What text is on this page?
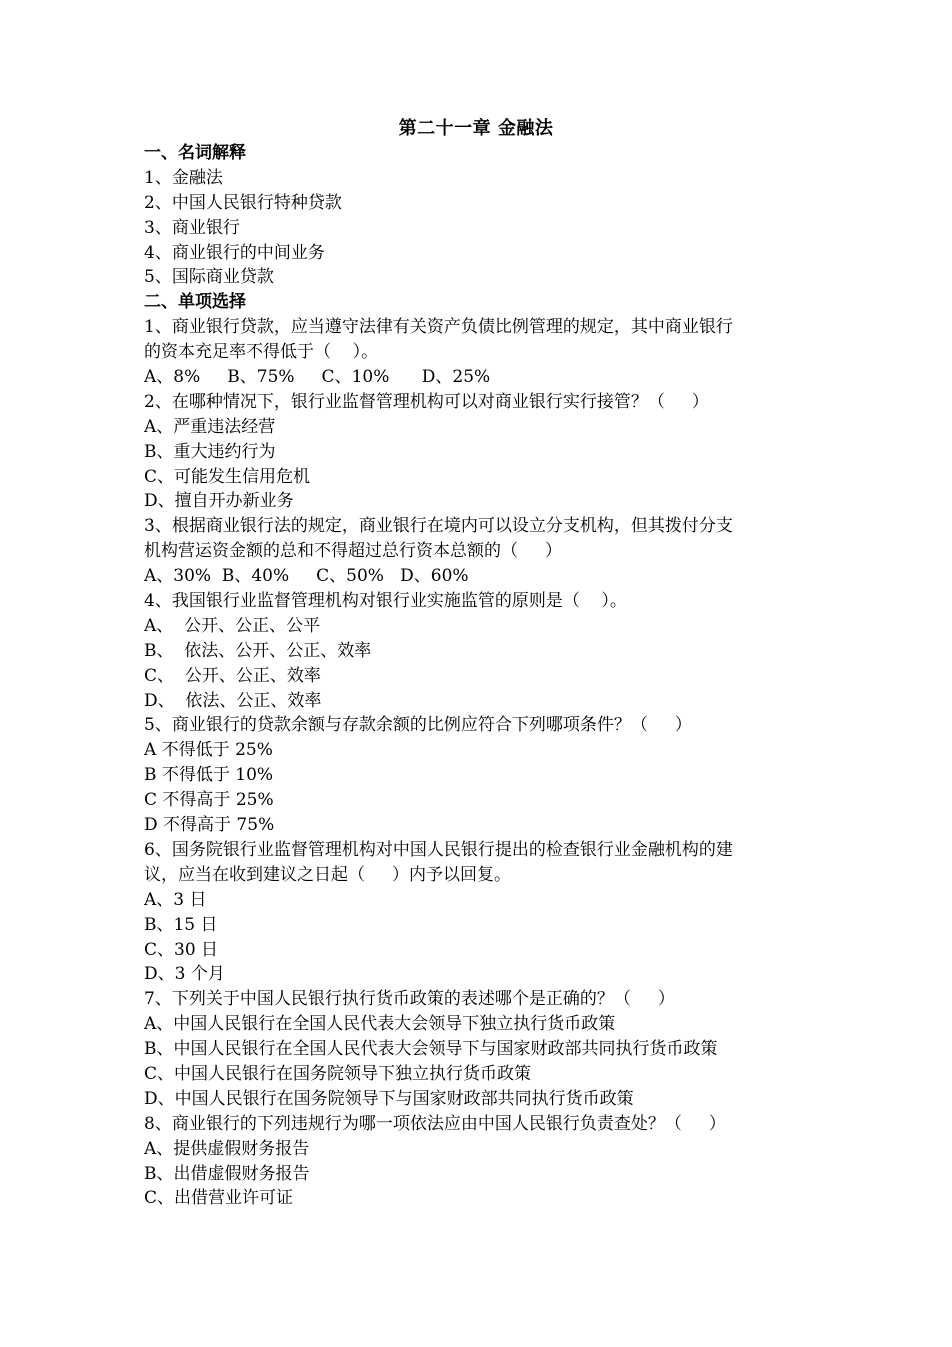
第二十一章 金融法
一、名词解释
1、金融法
2、中国人民银行特种贷款
3、商业银行
4、商业银行的中间业务
5、国际商业贷款
二、单项选择
1、商业银行贷款，应当遵守法律有关资产负债比例管理的规定，其中商业银行
的资本充足率不得低于（    ）。
A、8%     B、75%     C、10%      D、25%
2、在哪种情况下，银行业监督管理机构可以对商业银行实行接管？（     ）
A、严重违法经营
B、重大违约行为
C、可能发生信用危机
D、擅自开办新业务
3、根据商业银行法的规定，商业银行在境内可以设立分支机构，但其拨付分支
机构营运资金额的总和不得超过总行资本总额的（     ）
A、30%  B、40%     C、50%   D、60%
4、我国银行业监督管理机构对银行业实施监管的原则是（    ）。
A、  公开、公正、公平
B、  依法、公开、公正、效率
C、  公开、公正、效率
D、  依法、公正、效率
5、商业银行的贷款余额与存款余额的比例应符合下列哪项条件？（     ）
A 不得低于 25%
B 不得低于 10%
C 不得高于 25%
D 不得高于 75%
6、国务院银行业监督管理机构对中国人民银行提出的检查银行业金融机构的建
议，应当在收到建议之日起（     ）内予以回复。
A、3 日
B、15 日
C、30 日
D、3 个月
7、下列关于中国人民银行执行货币政策的表述哪个是正确的？（     ）
A、中国人民银行在全国人民代表大会领导下独立执行货币政策
B、中国人民银行在全国人民代表大会领导下与国家财政部共同执行货币政策
C、中国人民银行在国务院领导下独立执行货币政策
D、中国人民银行在国务院领导下与国家财政部共同执行货币政策
8、商业银行的下列违规行为哪一项依法应由中国人民银行负责查处？（     ）
A、提供虚假财务报告
B、出借虚假财务报告
C、出借营业许可证
